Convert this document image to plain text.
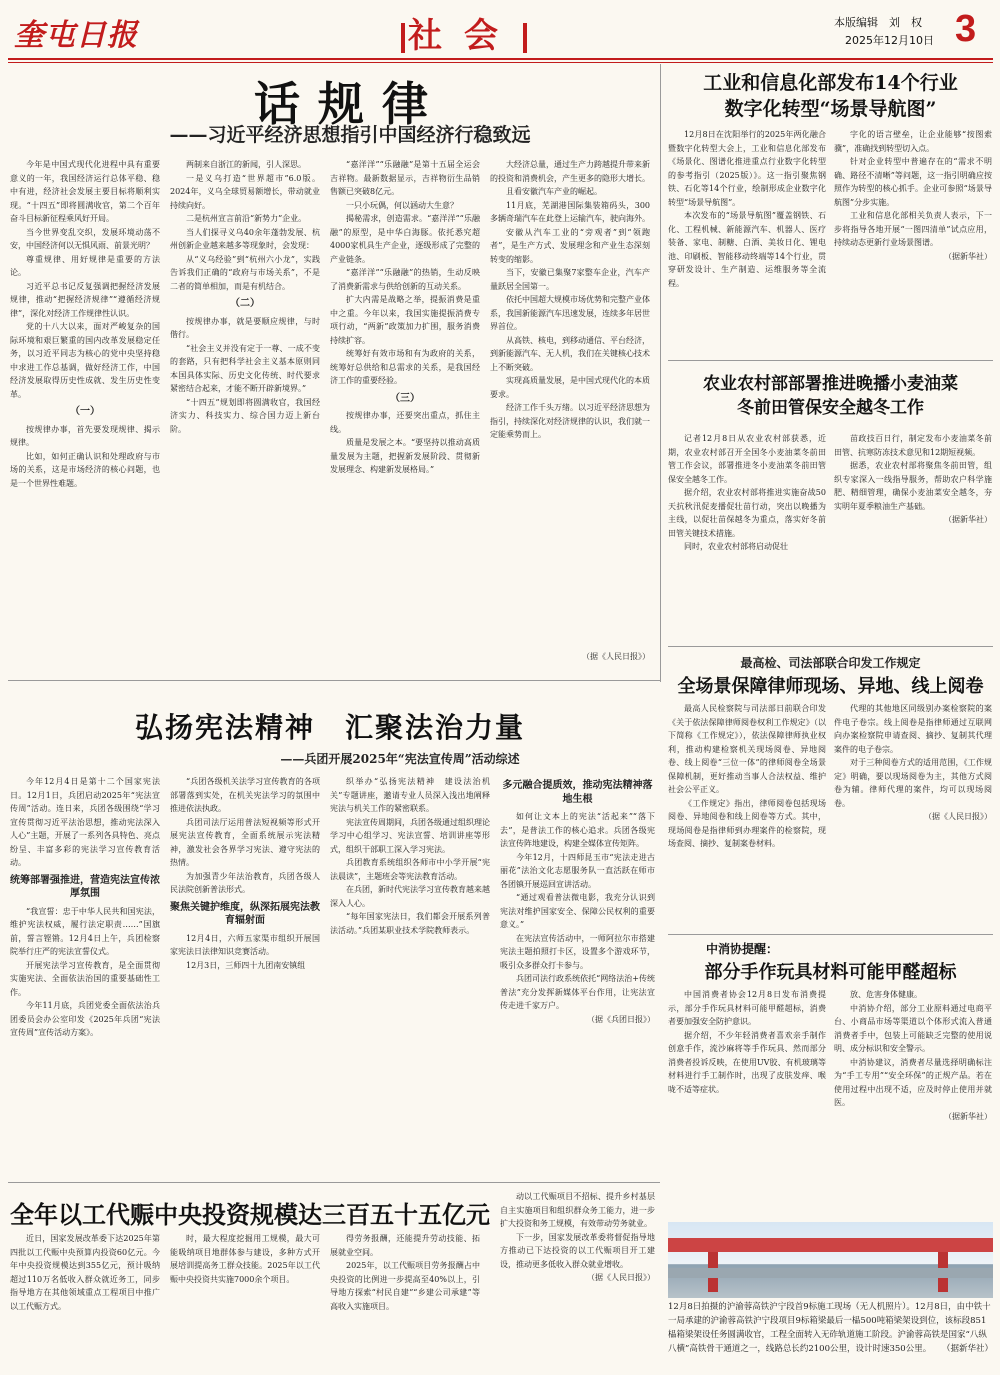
奎屯日报	社会	本版编辑　刘　权
2025年12月10日 3
话规律
——习近平经济思想指引中国经济行稳致远

今年是中国式现代化进程中具有重要意义的一年，我国经济运行总体平稳、稳中有进，经济社会发展主要目标将顺利实现。“十四五”即将圆满收官，第二个百年奋斗目标新征程乘风好开局。

当今世界变乱交织，发展环境动荡不安，中国经济何以无惧风雨、前景光明？

尊重规律、用好规律是重要的方法论。

习近平总书记反复强调把握经济发展规律，推动“把握经济规律”“遵循经济规律”，深化对经济工作规律性认识。

党的十八大以来，面对严峻复杂的国际环境和艰巨繁重的国内改革发展稳定任务，以习近平同志为核心的党中央坚持稳中求进工作总基调，做好经济工作，中国经济发展取得历史性成就、发生历史性变革。

（一）

按规律办事，首先要发现规律、揭示规律。

比如，如何正确认识和处理政府与市场的关系，这是市场经济的核心问题，也是一个世界性难题。

两制来自浙江的新闻，引人深思。

一是义乌打造“世界超市”6.0版。2024年，义乌全球贸易额增长，带动就业持续向好。

二是杭州宣言前沿“新势力”企业。

当人们探寻义乌40余年蓬勃发展、杭州创新企业越来越多等现象时，会发现：

从“义乌经验”到“杭州六小龙”，实践告诉我们正确的“政府与市场关系”，不是二者的简单相加，而是有机结合。

（二）

按规律办事，就是要顺应规律，与时偕行。

“社会主义并没有定于一尊、一成不变的套路，只有把科学社会主义基本原则同本国具体实际、历史文化传统、时代要求紧密结合起来，才能不断开辟新境界。”

“十四五”规划即将圆满收官，我国经济实力、科技实力、综合国力迈上新台阶。

“嘉洋洋”“乐融融”是第十五届全运会吉祥物。最新数据显示，吉祥物衍生品销售额已突破8亿元。

一只小玩偶，何以涵动大生意？

揭秘需求，创造需求。“嘉洋洋”“乐融融”的原型，是中华白海豚。依托悉究超4000家机具生产企业，逐级形成了完整的产业链条。

“嘉洋洋”“乐融融”的热销，生动反映了消费新需求与供给创新的互动关系。

扩大内需是战略之举，提振消费是重中之重。今年以来，我国实施提振消费专项行动，“两新”政策加力扩围，服务消费持续扩容。

统筹好有效市场和有为政府的关系，统筹好总供给和总需求的关系，是我国经济工作的重要经验。

（三）

按规律办事，还要突出重点，抓住主线。

质量是发展之本。“要坚持以推动高质量发展为主题，把握新发展阶段、贯彻新发展理念、构建新发展格局。”

大经济总量，通过生产力跨越提升带来新的投资和消费机会，产生更多的隐形大增长。

且看安徽汽车产业的崛起。

11月底，芜湖港国际集装箱码头，300多辆奇瑞汽车在此登上运输汽车，驶向海外。

安徽从汽车工业的“旁观者”到“领跑者”，是生产方式、发展理念和产业生态深刻转变的缩影。

当下，安徽已集聚7家整车企业，汽车产量跃居全国第一。

依托中国超大规模市场优势和完整产业体系，我国新能源汽车迅速发展，连续多年居世界首位。

从高铁、核电，到移动通信、平台经济，到新能源汽车、无人机，我们在关键核心技术上不断突破。

实现高质量发展，是中国式现代化的本质要求。

经济工作千头万绪。以习近平经济思想为指引，持续深化对经济规律的认识，我们就一定能乘势而上。

（据《人民日报》）

工业和信息化部发布14个行业
数字化转型“场景导航图”

12月8日在沈阳举行的2025年两化融合暨数字化转型大会上，工业和信息化部发布《场景化、图谱化推进重点行业数字化转型的参考指引（2025版）》。这一指引聚焦钢铁、石化等14个行业，绘制形成企业数字化转型“场景导航图”。

本次发布的“场景导航图”覆盖钢铁、石化、工程机械、新能源汽车、机器人、医疗装备、家电、制糖、白酒、美妆日化、锂电池、印刷板、智能移动终端等14个行业，贯穿研发设计、生产制造、运维服务等全流程。

字化的语言壁垒，让企业能够“按图索骥”，准确找到转型切入点。

针对企业转型中普遍存在的“需求不明确、路径不清晰”等问题，这一指引明确应按照作为转型的核心抓手。企业可参照“场景导航图”分步实施。

工业和信息化部相关负责人表示，下一步将指导各地开展“一图四清单”试点应用，持续动态更新行业场景图谱。

（据新华社）

农业农村部部署推进晚播小麦油菜
冬前田管保安全越冬工作

记者12月8日从农业农村部获悉，近期，农业农村部召开全国冬小麦油菜冬前田管工作会议，部署推进冬小麦油菜冬前田管保安全越冬工作。

据介绍，农业农村部将推进实施奋战50天抗秋汛促麦播促壮苗行动，突出以晚播为主线，以促壮苗保越冬为重点，落实好冬前田管关键技术措施。

同时，农业农村部将启动促壮

苗政技百日行，制定发布小麦油菜冬前田管、抗寒防冻技术意见和12期短视频。

据悉，农业农村部将聚焦冬前田管，组织专家深入一线指导服务，帮助农户科学施肥、精细管理，确保小麦油菜安全越冬，夯实明年夏季粮油生产基础。

（据新华社）

最高检、司法部联合印发工作规定
全场景保障律师现场、异地、线上阅卷

最高人民检察院与司法部日前联合印发《关于依法保障律师阅卷权利工作规定》（以下简称《工作规定》），依法保障律师执业权利，推动构建检察机关现场阅卷、异地阅卷、线上阅卷“三位一体”的律师阅卷全场景保障机制，更好推动当事人合法权益、维护社会公平正义。

《工作规定》指出，律师阅卷包括现场阅卷、异地阅卷和线上阅卷等方式。其中，现场阅卷是指律师到办理案件的检察院，现场查阅、摘抄、复制案卷材料。

代理的其他地区同级别办案检察院的案件电子卷宗。线上阅卷是指律师通过互联网向办案检察院申请查阅、摘抄、复制其代理案件的电子卷宗。

对于三种阅卷方式的适用范围，《工作规定》明确，要以现场阅卷为主，其他方式阅卷为辅。律师代理的案件，均可以现场阅卷。

（据《人民日报》）

中消协提醒：
部分手作玩具材料可能甲醛超标

中国消费者协会12月8日发布消费提示，部分手作玩具材料可能甲醛超标，消费者要加强安全防护意识。

据介绍，不少年轻消费者喜欢亲手制作创意手作，流沙麻将等手作玩具、然而部分消费者投诉反映，在使用UV胶、有机玻璃等材料进行手工制作时，出现了皮肤发痒、喉咙不适等症状。

放、危害身体健康。

中消协介绍，部分工业原料通过电商平台、小商品市场等渠道以个体形式流入普通消费者手中，包装上可能缺乏完整的使用说明、成分标识和安全警示。

中消协建议，消费者尽量选择明确标注为“手工专用”“安全环保”的正规产品。若在使用过程中出现不适，应及时停止使用并就医。

（据新华社）

弘扬宪法精神　汇聚法治力量
——兵团开展2025年“宪法宣传周”活动综述

今年12月4日是第十二个国家宪法日。12月1日，兵团启动2025年“宪法宣传周”活动。连日来，兵团各级围绕“学习宣传贯彻习近平法治思想，推动宪法深入人心”主题，开展了一系列各具特色、亮点纷呈、丰富多彩的宪法学习宣传教育活动。

统筹部署强推进，营造宪法宣传浓厚氛围

“我宣誓：忠于中华人民共和国宪法，维护宪法权威，履行法定职责……”国旗前，誓言铿锵。12月4日上午，兵团检察院举行庄严的宪法宣誓仪式。

开展宪法学习宣传教育，是全面贯彻实施宪法、全面依法治国的重要基础性工作。

今年11月底，兵团党委全面依法治兵团委员会办公室印发《2025年兵团“宪法宣传周”宣传活动方案》。

“兵团各级机关法学习宣传教育的各项部署落到实处，在机关宪法学习的氛围中推进依法执政。

兵团司法厅运用普法短视频等形式开展宪法宣传教育，全面系统展示宪法精神，激发社会各界学习宪法、遵守宪法的热情。

为加强青少年法治教育，兵团各级人民法院创新普法形式。

聚焦关键护维度，纵深拓展宪法教育辐射面

12月4日，六师五家渠市组织开展国家宪法日法律知识竞赛活动。

12月3日，三师四十九团南安镇组

织举办“弘扬宪法精神　建设法治机关”专题讲座，邀请专业人员深入浅出地阐释宪法与机关工作的紧密联系。

宪法宣传周期间，兵团各级通过组织理论学习中心组学习、宪法宣誓、培训讲座等形式，组织干部职工深入学习宪法。

兵团教育系统组织各师市中小学开展“宪法晨读”，主题班会等宪法教育活动。

在兵团，新时代宪法学习宣传教育越来越深入人心。

“每年国家宪法日，我们都会开展系列普法活动。”兵团某职业技术学院教师表示。

多元融合提质效，推动宪法精神落地生根

如何让文本上的宪法“活起来”“落下去”，是普法工作的核心追求。兵团各级宪法宣传阵地建设，构建全媒体宣传矩阵。

今年12月，十四师昆玉市“宪法走进古丽花”法治文化志愿服务队一直活跃在师市各团镇开展巡回宣讲活动。

“通过观看普法微电影，我充分认识到宪法对维护国家安全、保障公民权利的重要意义。”

在宪法宣传活动中，一师阿拉尔市搭建宪法主题拍照打卡区，设置多个游戏环节，吸引众多群众打卡参与。

兵团司法行政系统依托“网络法治+传统普法”充分发挥新媒体平台作用，让宪法宣传走进千家万户。

（据《兵团日报》）

全年以工代赈中央投资规模达三百五十五亿元

近日，国家发展改革委下达2025年第四批以工代赈中央预算内投资60亿元。今年中央投资规模达到355亿元，预计吸纳超过110万名低收入群众就近务工，同步指导地方在其他领域重点工程项目中推广以工代赈方式。

时，最大程度挖掘用工规模，最大可能吸纳项目地群体参与建设，多种方式开展培训提高务工群众技能。2025年以工代赈中央投资共实施7000余个项目。

得劳务报酬，还能提升劳动技能、拓展就业空间。

2025年，以工代赈项目劳务报酬占中央投资的比例进一步提高至40%以上，引导地方探索“村民自建”“乡建公司承建”等高收入实施项目。

动以工代赈项目不招标、提升乡村基层自主实施项目和组织群众务工能力，进一步扩大投资和务工规模，有效带动劳务就业。

下一步，国家发展改革委将督促指导地方推动已下达投资的以工代赈项目开工建设，推动更多低收入群众就业增收。

（据《人民日报》）

12月8日拍摄的沪渝蓉高铁沪宁段首9标施工现场（无人机照片）。12月8日，由中铁十一局承建的沪渝蓉高铁沪宁段项目9标箱梁最后一榀500吨箱梁架设到位，该标段851榀箱梁架设任务圆满收官，工程全面转入无砟轨道施工阶段。沪渝蓉高铁是国家“八纵八横”高铁骨干通道之一，线路总长约2100公里，设计时速350公里。 （据新华社）
